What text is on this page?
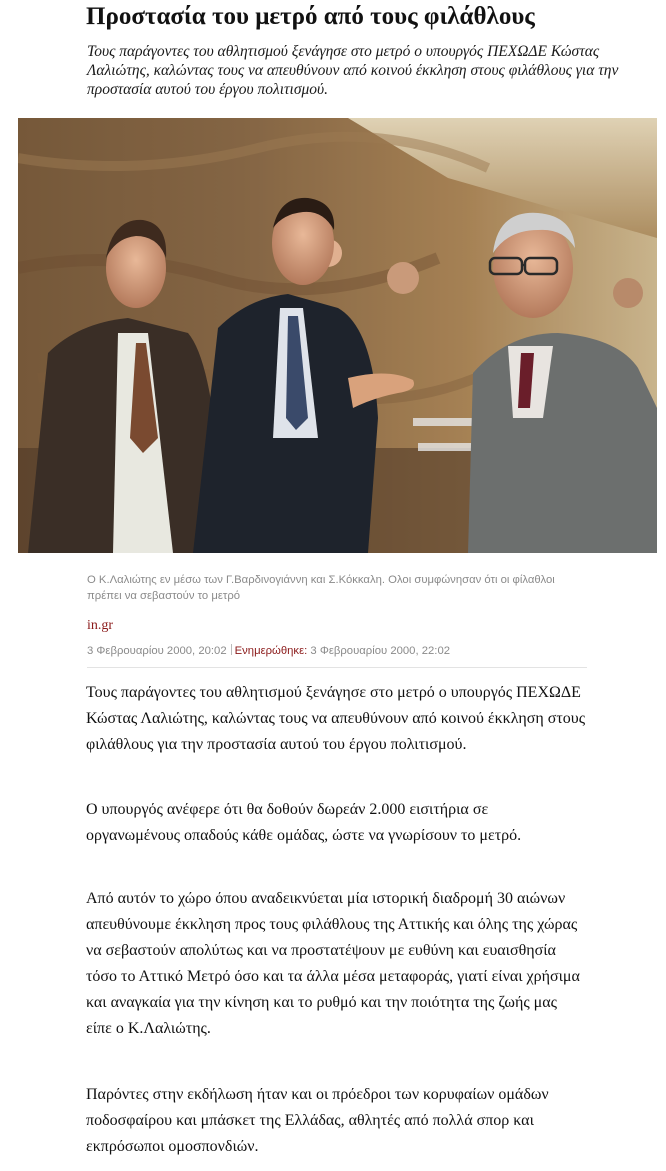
Προστασία του μετρό από τους φιλάθλους

Τους παράγοντες του αθλητισμού ξενάγησε στο μετρό ο υπουργός ΠΕΧΩΔΕ Κώστας Λαλιώτης, καλώντας τους να απευθύνουν από κοινού έκκληση στους φιλάθλους για την προστασία αυτού του έργου πολιτισμού.

Ο Κ.Λαλιώτης εν μέσω των Γ.Βαρδινογιάννη και Σ.Κόκκαλη. Ολοι συμφώνησαν ότι οι φίλαθλοι πρέπει να σεβαστούν το μετρό

in.gr
3 Φεβρουαρίου 2000, 20:02 Ενημερώθηκε: 3 Φεβρουαρίου 2000, 22:02

Τους παράγοντες του αθλητισμού ξενάγησε στο μετρό ο υπουργός ΠΕΧΩΔΕ Κώστας Λαλιώτης, καλώντας τους να απευθύνουν από κοινού έκκληση στους φιλάθλους για την προστασία αυτού του έργου πολιτισμού.

Ο υπουργός ανέφερε ότι θα δοθούν δωρεάν 2.000 εισιτήρια σε οργανωμένους οπαδούς κάθε ομάδας, ώστε να γνωρίσουν το μετρό.

Από αυτόν το χώρο όπου αναδεικνύεται μία ιστορική διαδρομή 30 αιώνων απευθύνουμε έκκληση προς τους φιλάθλους της Αττικής και όλης της χώρας να σεβαστούν απολύτως και να προστατέψουν με ευθύνη και ευαισθησία τόσο το Αττικό Μετρό όσο και τα άλλα μέσα μεταφοράς, γιατί είναι χρήσιμα και αναγκαία για την κίνηση και το ρυθμό και την ποιότητα της ζωής μας είπε ο Κ.Λαλιώτης.

Παρόντες στην εκδήλωση ήταν και οι πρόεδροι των κορυφαίων ομάδων ποδοσφαίρου και μπάσκετ της Ελλάδας, αθλητές από πολλά σπορ και εκπρόσωποι ομοσπονδιών.
